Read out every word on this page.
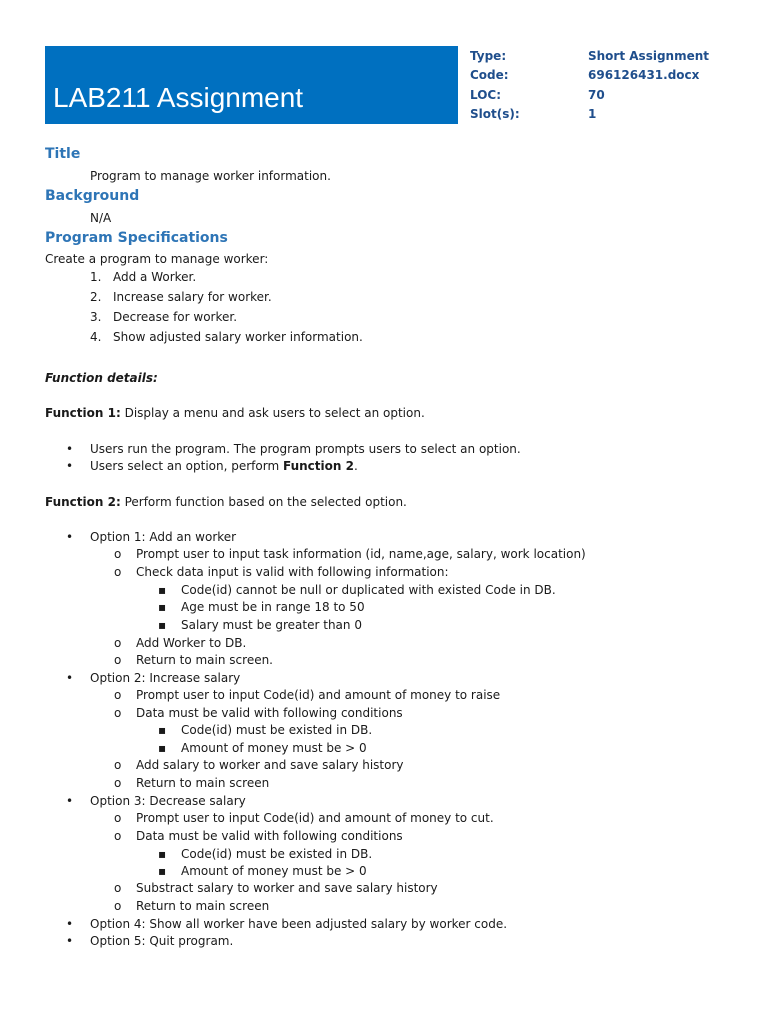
LAB211 Assignment
Type:	Short Assignment
Code:	696126431.docx
LOC:	70
Slot(s):	1
Title
Program to manage worker information.
Background
N/A
Program Specifications
Create a program to manage worker:
1. Add a Worker.
2. Increase salary for worker.
3. Decrease for worker.
4. Show adjusted salary worker information.
Function details:
Function 1: Display a menu and ask users to select an option.
• Users run the program. The program prompts users to select an option.
• Users select an option, perform Function 2.
Function 2: Perform function based on the selected option.
• Option 1: Add an worker
o Prompt user to input task information (id, name,age, salary, work location)
o Check data input is valid with following information:
▪ Code(id) cannot be null or duplicated with existed Code in DB.
▪ Age must be in range 18 to 50
▪ Salary must be greater than 0
o Add Worker to DB.
o Return to main screen.
• Option 2: Increase salary
o Prompt user to input Code(id) and amount of money to raise
o Data must be valid with following conditions
▪ Code(id) must be existed in DB.
▪ Amount of money must be > 0
o Add salary to worker and save salary history
o Return to main screen
• Option 3: Decrease salary
o Prompt user to input Code(id) and amount of money to cut.
o Data must be valid with following conditions
▪ Code(id) must be existed in DB.
▪ Amount of money must be > 0
o Substract salary to worker and save salary history
o Return to main screen
• Option 4: Show all worker have been adjusted salary by worker code.
• Option 5: Quit program.
